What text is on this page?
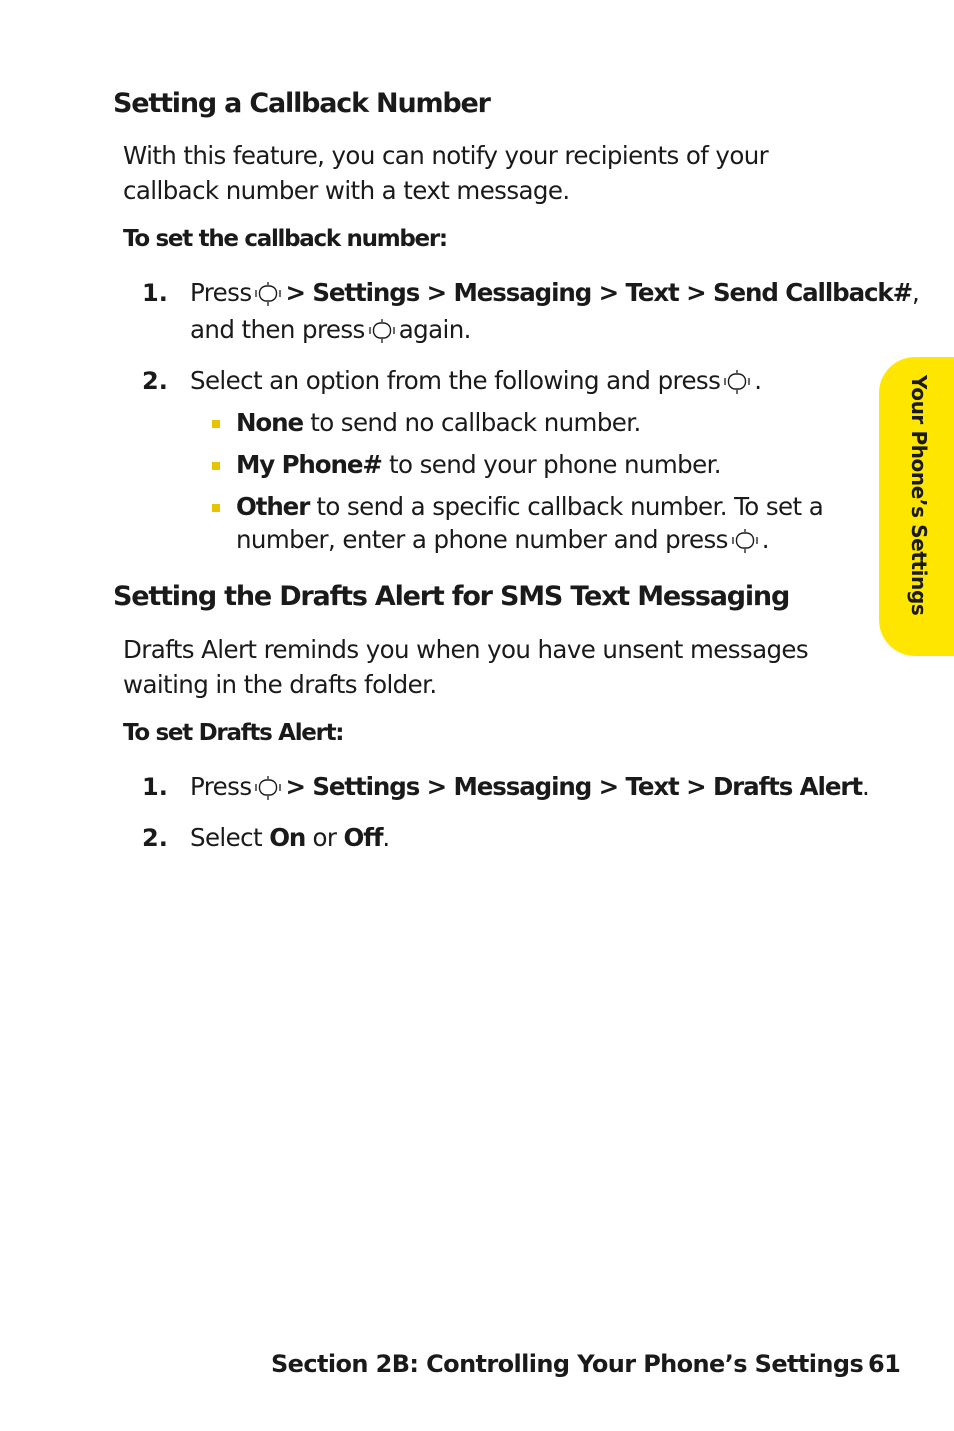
Setting a Callback Number
With this feature, you can notify your recipients of your
callback number with a text message.
To set the callback number:
1. Press > Settings > Messaging > Text > Send Callback#,
and then press again.
2. Select an option from the following and press .
None to send no callback number.
My Phone# to send your phone number.
Other to send a specific callback number. To set a
number, enter a phone number and press .
Setting the Drafts Alert for SMS Text Messaging
Drafts Alert reminds you when you have unsent messages
waiting in the drafts folder.
To set Drafts Alert:
1. Press > Settings > Messaging > Text > Drafts Alert.
2. Select On or Off.
Your Phone’s Settings
Section 2B: Controlling Your Phone’s Settings 61
